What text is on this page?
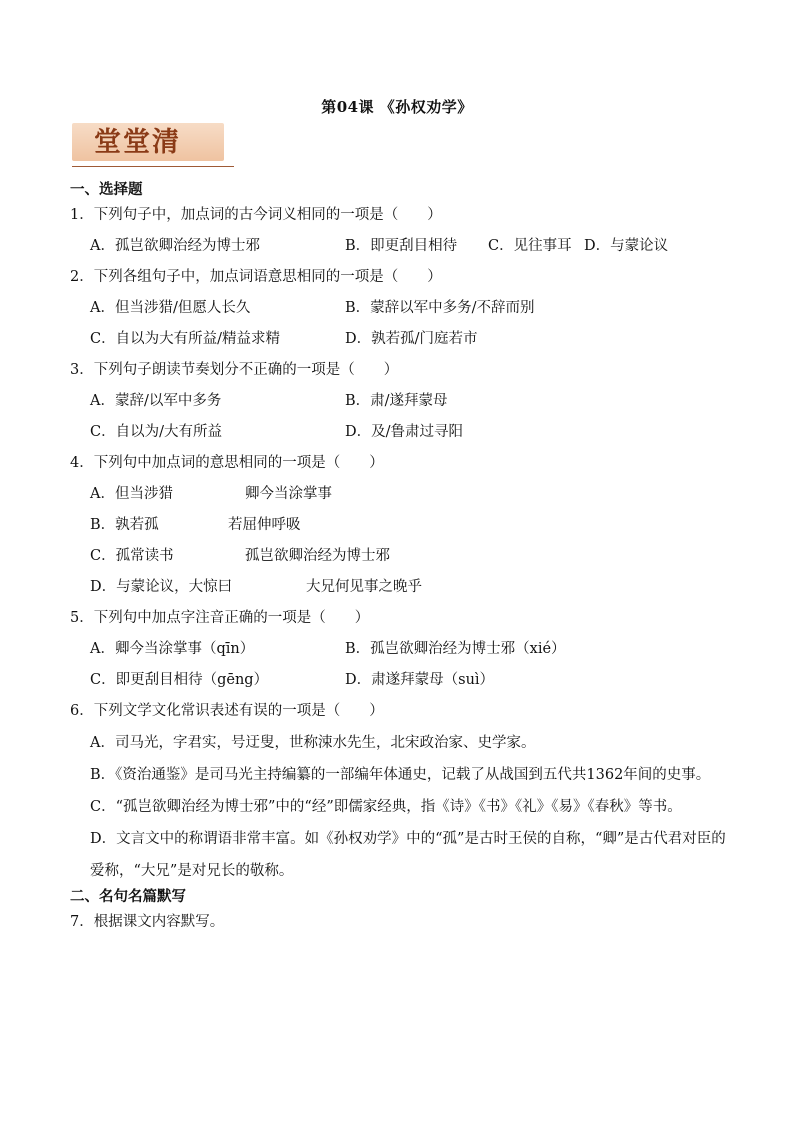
第04课 《孙权劝学》
堂堂清
一、选择题
1．下列句子中，加点词的古今词义相同的一项是（　　）
A．孤岂欲卿治经为博士邪	B．即更刮目相待 C．见往事耳 D．与蒙论议
2．下列各组句子中，加点词语意思相同的一项是（　　）
A．但当涉猎/但愿人长久	B．蒙辞以军中多务/不辞而别
C．自以为大有所益/精益求精	D．孰若孤/门庭若市
3．下列句子朗读节奏划分不正确的一项是（　　）
A．蒙辞/以军中多务	B．肃/遂拜蒙母
C．自以为/大有所益	D．及/鲁肃过寻阳
4．下列句中加点词的意思相同的一项是（　　）
A．但当涉猎	卿今当涂掌事
B．孰若孤	若屈伸呼吸
C．孤常读书	孤岂欲卿治经为博士邪
D．与蒙论议，大惊曰	大兄何见事之晚乎
5．下列句中加点字注音正确的一项是（　　）
A．卿今当涂掌事（qīn）	B．孤岂欲卿治经为博士邪（xié）
C．即更刮目相待（gēng）	D．肃遂拜蒙母（suì）
6．下列文学文化常识表述有误的一项是（　　）
A．司马光，字君实，号迂叟，世称涑水先生，北宋政治家、史学家。
B．《资治通鉴》是司马光主持编纂的一部编年体通史，记载了从战国到五代共1362年间的史事。
C．“孤岂欲卿治经为博士邪”中的“经”即儒家经典，指《诗》《书》《礼》《易》《春秋》等书。
D．文言文中的称谓语非常丰富。如《孙权劝学》中的“孤”是古时王侯的自称，“卿”是古代君对臣的爱称，“大兄”是对兄长的敬称。
二、名句名篇默写
7．根据课文内容默写。
